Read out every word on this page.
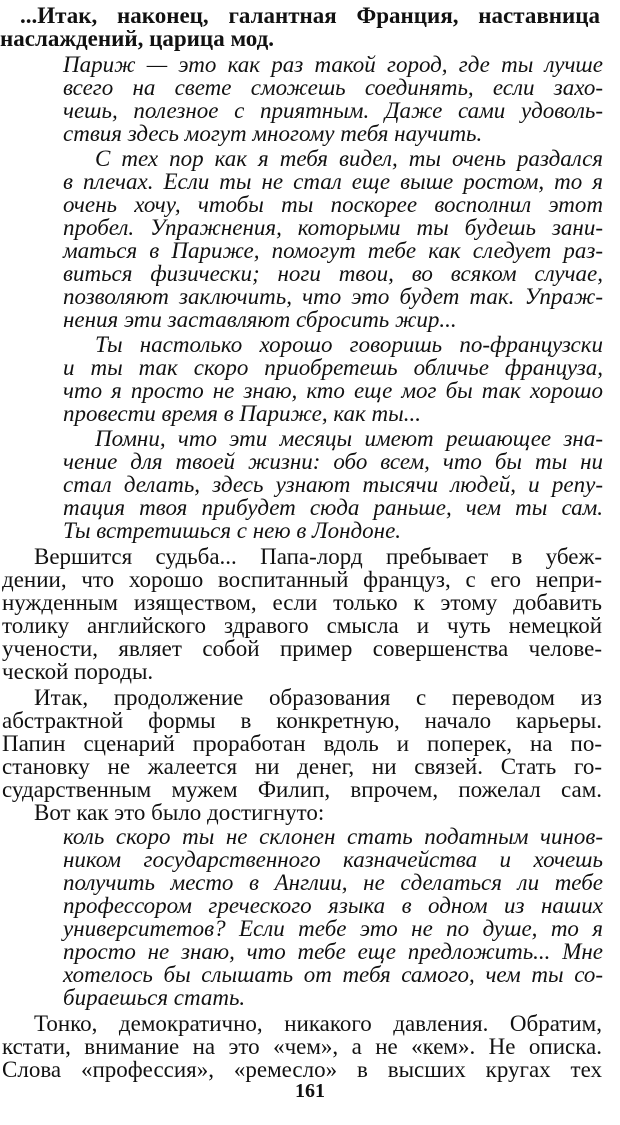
...Итак, наконец, галантная Франция, наставница
наслаждений, царица мод.
Париж — это как раз такой город, где ты лучше
всего на свете сможешь соединять, если захо-
чешь, полезное с приятным. Даже сами удоволь-
ствия здесь могут многому тебя научить.
С тех пор как я тебя видел, ты очень раздался
в плечах. Если ты не стал еще выше ростом, то я
очень хочу, чтобы ты поскорее восполнил этот
пробел. Упражнения, которыми ты будешь зани-
маться в Париже, помогут тебе как следует раз-
виться физически; ноги твои, во всяком случае,
позволяют заключить, что это будет так. Упраж-
нения эти заставляют сбросить жир...
Ты настолько хорошо говоришь по-французски
и ты так скоро приобретешь обличье француза,
что я просто не знаю, кто еще мог бы так хорошо
провести время в Париже, как ты...
Помни, что эти месяцы имеют решающее зна-
чение для твоей жизни: обо всем, что бы ты ни
стал делать, здесь узнают тысячи людей, и репу-
тация твоя прибудет сюда раньше, чем ты сам.
Ты встретишься с нею в Лондоне.
Вершится судьба... Папа-лорд пребывает в убеж-
дении, что хорошо воспитанный француз, с его непри-
нужденным изяществом, если только к этому добавить
толику английского здравого смысла и чуть немецкой
учености, являет собой пример совершенства челове-
ческой породы.
Итак, продолжение образования с переводом из
абстрактной формы в конкретную, начало карьеры.
Папин сценарий проработан вдоль и поперек, на по-
становку не жалеется ни денег, ни связей. Стать го-
сударственным мужем Филип, впрочем, пожелал сам.
Вот как это было достигнуто:
коль скоро ты не склонен стать податным чинов-
ником государственного казначейства и хочешь
получить место в Англии, не сделаться ли тебе
профессором греческого языка в одном из наших
университетов? Если тебе это не по душе, то я
просто не знаю, что тебе еще предложить... Мне
хотелось бы слышать от тебя самого, чем ты со-
бираешься стать.
Тонко, демократично, никакого давления. Обратим,
кстати, внимание на это «чем», а не «кем». Не описка.
Слова «профессия», «ремесло» в высших кругах тех
161
